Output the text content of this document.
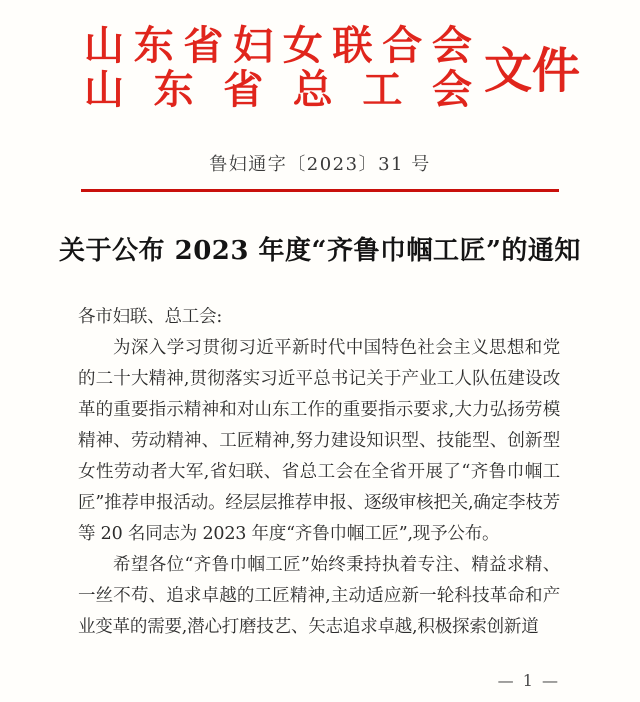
山 东 省 妇 女 联 合 会
山 东 省 总 工 会 文件
鲁妇通字〔2023〕31 号
关于公布 2023 年度“齐鲁巾帼工匠”的通知

各市妇联、总工会:

为深入学习贯彻习近平新时代中国特色社会主义思想和党的二十大精神,贯彻落实习近平总书记关于产业工人队伍建设改革的重要指示精神和对山东工作的重要指示要求,大力弘扬劳模精神、劳动精神、工匠精神,努力建设知识型、技能型、创新型女性劳动者大军,省妇联、省总工会在全省开展了“齐鲁巾帼工匠”推荐申报活动。经层层推荐申报、逐级审核把关,确定李枝芳等 20 名同志为 2023 年度“齐鲁巾帼工匠”,现予公布。

希望各位“齐鲁巾帼工匠”始终秉持执着专注、精益求精、一丝不苟、追求卓越的工匠精神,主动适应新一轮科技革命和产业变革的需要,潜心打磨技艺、矢志追求卓越,积极探索创新道

— 1 —
